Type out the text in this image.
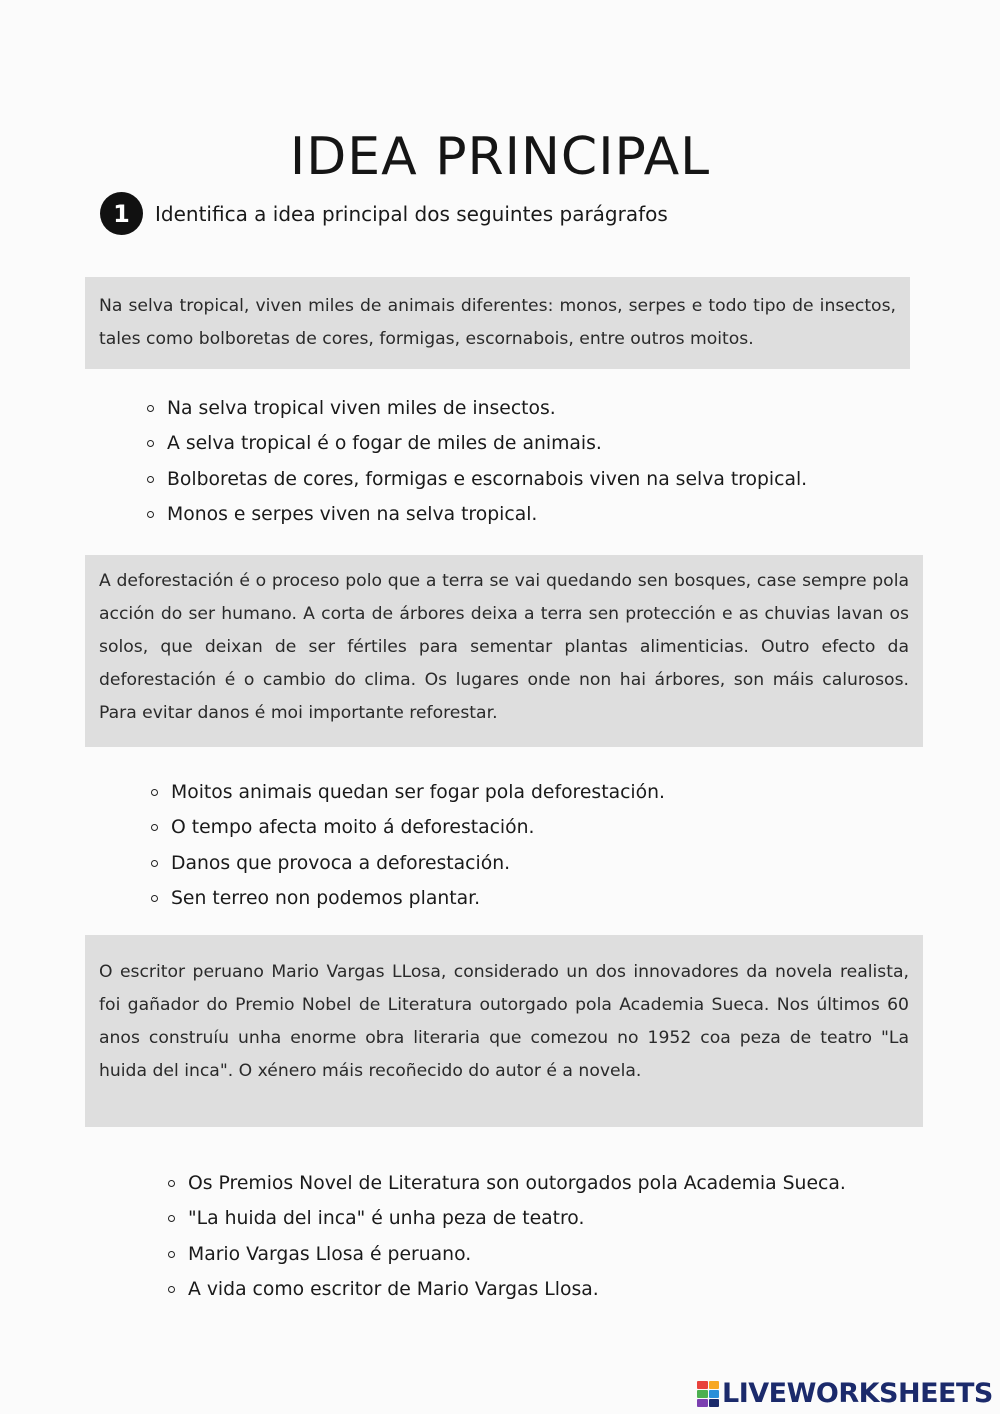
IDEA PRINCIPAL
1	Identifica a idea principal dos seguintes parágrafos
Na selva tropical, viven miles de animais diferentes: monos, serpes e todo tipo de insectos, tales como bolboretas de cores, formigas, escornabois, entre outros moitos.
Na selva tropical viven miles de insectos.
A selva tropical é o fogar de miles de animais.
Bolboretas de cores, formigas e escornabois viven na selva tropical.
Monos e serpes viven na selva tropical.
A deforestación é o proceso polo que a terra se vai quedando sen bosques, case sempre pola acción do ser humano. A corta de árbores deixa a terra sen protección e as chuvias lavan os solos, que deixan de ser fértiles para sementar plantas alimenticias. Outro efecto da deforestación é o cambio do clima. Os lugares onde non hai árbores, son máis calurosos. Para evitar danos é moi importante reforestar.
Moitos animais quedan ser fogar pola deforestación.
O tempo afecta moito á deforestación.
Danos que provoca a deforestación.
Sen terreo non podemos plantar.
O escritor peruano Mario Vargas LLosa, considerado un dos innovadores da novela realista, foi gañador do Premio Nobel de Literatura outorgado pola Academia Sueca. Nos últimos 60 anos construíu unha enorme obra literaria que comezou no 1952 coa peza de teatro "La huida del inca". O xénero máis recoñecido do autor é a novela.
Os Premios Novel de Literatura son outorgados pola Academia Sueca.
"La huida del inca" é unha peza de teatro.
Mario Vargas Llosa é peruano.
A vida como escritor de Mario Vargas Llosa.
LIVEWORKSHEETS
